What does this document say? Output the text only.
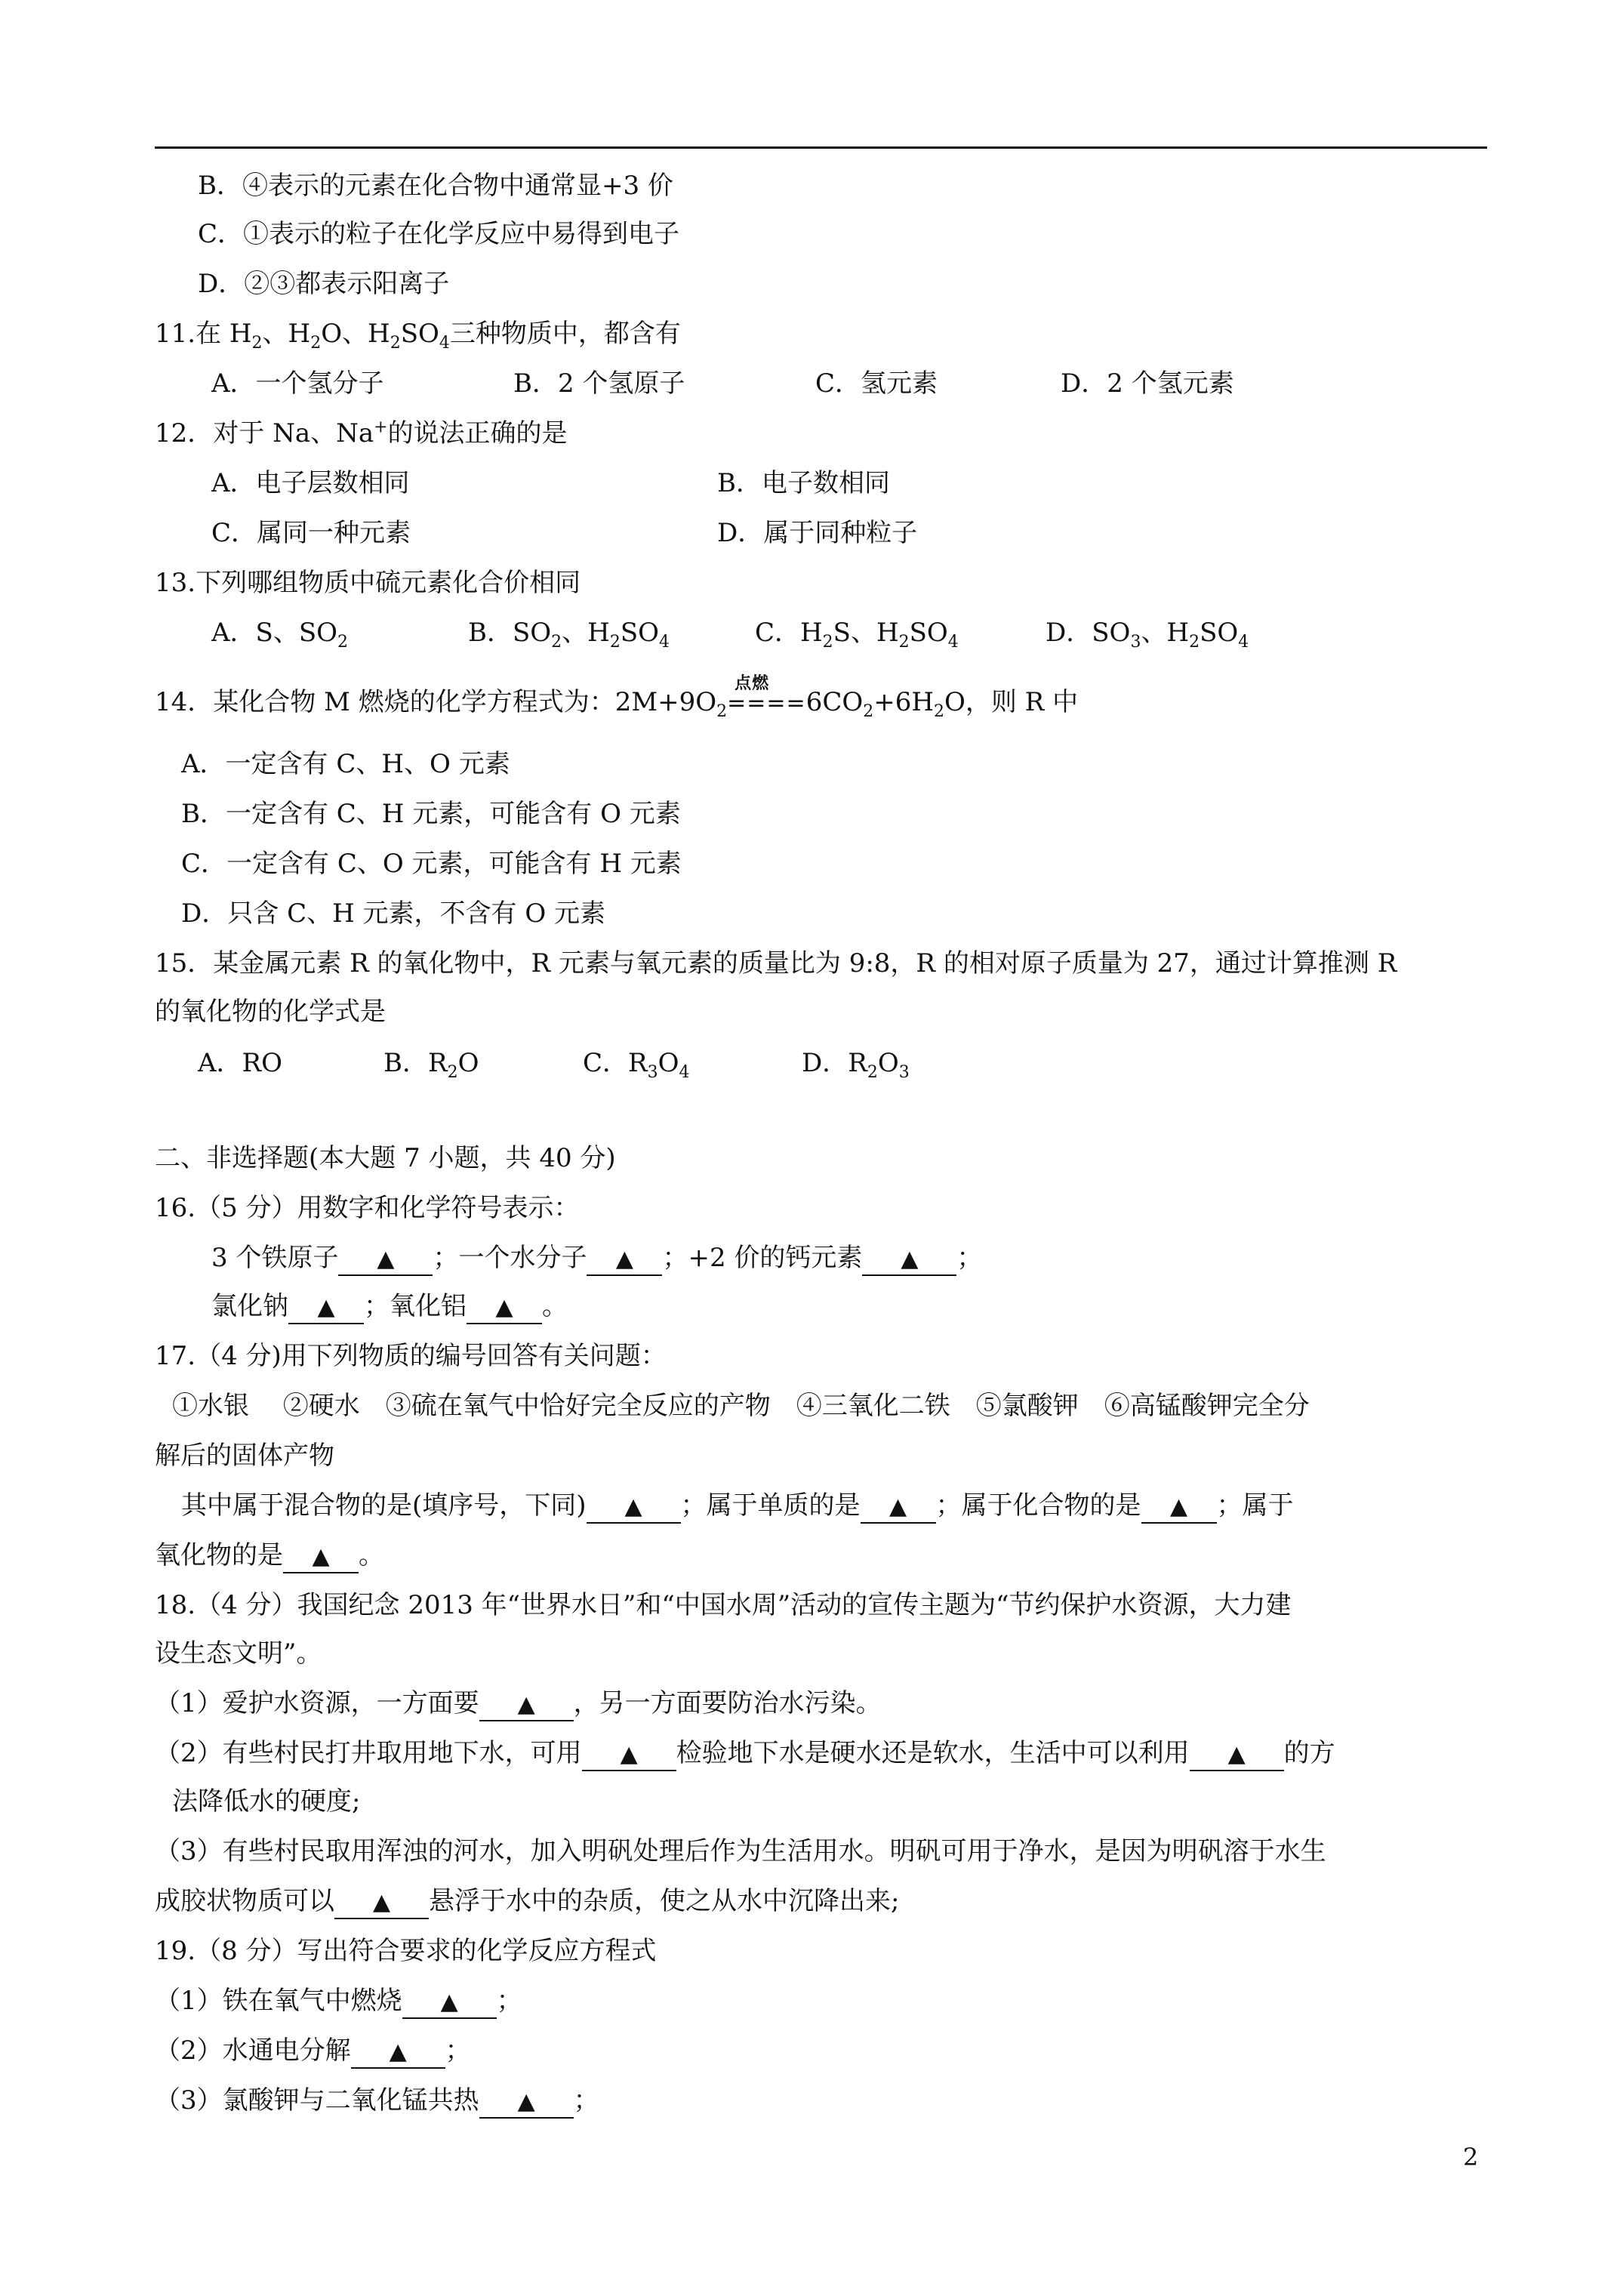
B．④表示的元素在化合物中通常显+3 价
C．①表示的粒子在化学反应中易得到电子
D．②③都表示阳离子
11.在 $H_2$、$H_2O$、$H_2SO_4$三种物质中，都含有
A．一个氢分子	B．2 个氢原子	C．氢元素	D．2 个氢元素
12．对于 Na、Na+的说法正确的是
A．电子层数相同	B．电子数相同
C．属同一种元素	D．属于同种粒子
13.下列哪组物质中硫元素化合价相同
A．S、$SO_2$	B．$SO_2$、$H_2SO_4$	C．$H_2S$、$H_2SO_4$	D．$SO_3$、$H_2SO_4$
14．某化合物 M 燃烧的化学方程式为：$2M+9O_2$
点燃
$====6CO_2+6H_2O$，则 R 中
A．一定含有 C、H、O 元素
B．一定含有 C、H 元素，可能含有 O 元素
C．一定含有 C、O 元素，可能含有 H 元素
D．只含 C、H 元素，不含有 O 元素
15．某金属元素 R 的氧化物中，R 元素与氧元素的质量比为 9:8，R 的相对原子质量为 27，通过计算推测 R
的氧化物的化学式是
A．RO	B．$R_2O$	C．$R_3O_4$	D．$R_2O_3$
二、非选择题(本大题 7 小题，共 40 分)
16.（5 分）用数字和化学符号表示：
3 个铁原子 ▲ ；一个水分子 ▲ ；+2 价的钙元素 ▲ ；
氯化钠 ▲ ；氧化铝 ▲ 。
17.（4 分)用下列物质的编号回答有关问题：
①水银　 ②硬水　③硫在氧气中恰好完全反应的产物　④三氧化二铁　⑤氯酸钾　⑥高锰酸钾完全分
解后的固体产物
其中属于混合物的是(填序号，下同) ▲ ；属于单质的是 ▲ ；属于化合物的是 ▲ ；属于
氧化物的是 ▲ 。
18.（4 分）我国纪念 2013 年“世界水日”和“中国水周”活动的宣传主题为“节约保护水资源，大力建
设生态文明”。
（1）爱护水资源，一方面要 ▲ ，另一方面要防治水污染。
（2）有些村民打井取用地下水，可用 ▲ 检验地下水是硬水还是软水，生活中可以利用 ▲ 的方
法降低水的硬度;
（3）有些村民取用浑浊的河水，加入明矾处理后作为生活用水。明矾可用于净水，是因为明矾溶于水生
成胶状物质可以 ▲ 悬浮于水中的杂质，使之从水中沉降出来;
19.（8 分）写出符合要求的化学反应方程式
（1）铁在氧气中燃烧 ▲ ；
（2）水通电分解 ▲ ；
（3）氯酸钾与二氧化锰共热 ▲ ；
2
